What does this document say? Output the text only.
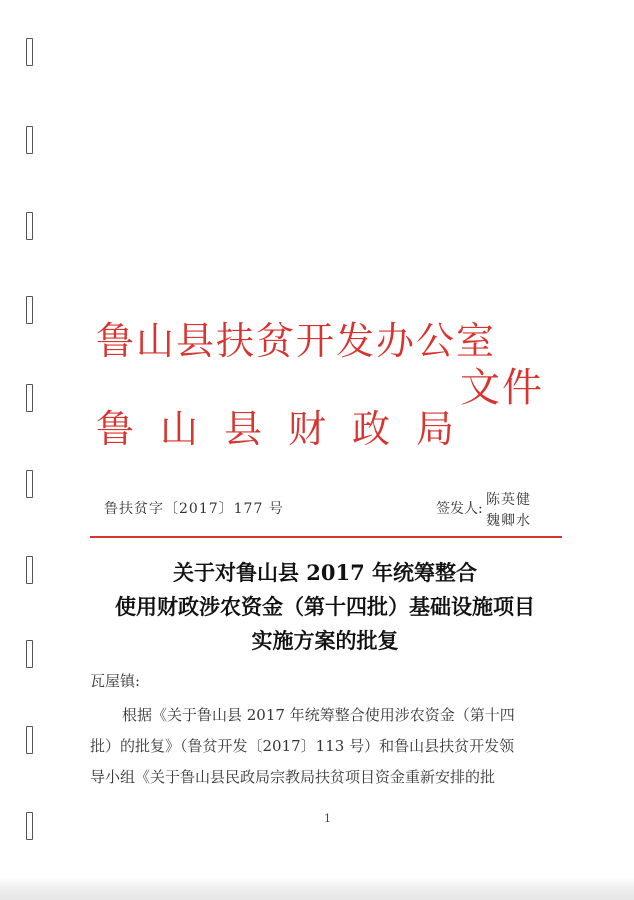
鲁山县扶贫开发办公室
鲁山县财政局
文件
鲁扶贫字〔2017〕177 号	签发人:
陈英健
魏卿水
关于对鲁山县 2017 年统筹整合
使用财政涉农资金（第十四批）基础设施项目
实施方案的批复
瓦屋镇:
根据《关于鲁山县 2017 年统筹整合使用涉农资金（第十四
批）的批复》（鲁贫开发〔2017〕113 号）和鲁山县扶贫开发领
导小组《关于鲁山县民政局宗教局扶贫项目资金重新安排的批
1
